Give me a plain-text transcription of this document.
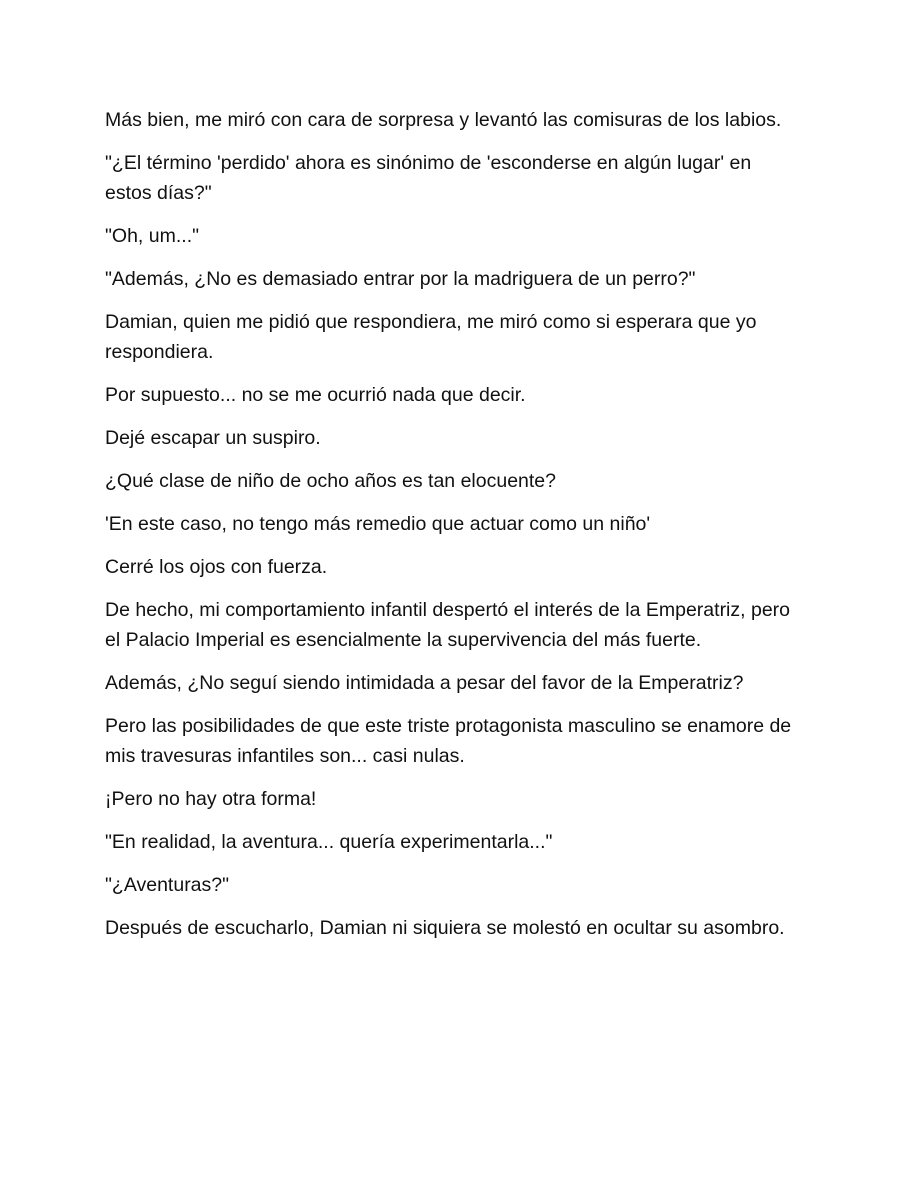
Más bien, me miró con cara de sorpresa y levantó las comisuras de los labios.

"¿El término 'perdido' ahora es sinónimo de 'esconderse en algún lugar' en estos días?"

"Oh, um..."

"Además, ¿No es demasiado entrar por la madriguera de un perro?"

Damian, quien me pidió que respondiera, me miró como si esperara que yo respondiera.

Por supuesto... no se me ocurrió nada que decir.

Dejé escapar un suspiro.

¿Qué clase de niño de ocho años es tan elocuente?

'En este caso, no tengo más remedio que actuar como un niño'

Cerré los ojos con fuerza.

De hecho, mi comportamiento infantil despertó el interés de la Emperatriz, pero el Palacio Imperial es esencialmente la supervivencia del más fuerte.

Además, ¿No seguí siendo intimidada a pesar del favor de la Emperatriz?

Pero las posibilidades de que este triste protagonista masculino se enamore de mis travesuras infantiles son... casi nulas.

¡Pero no hay otra forma!

"En realidad, la aventura... quería experimentarla..."

"¿Aventuras?"

Después de escucharlo, Damian ni siquiera se molestó en ocultar su asombro.
